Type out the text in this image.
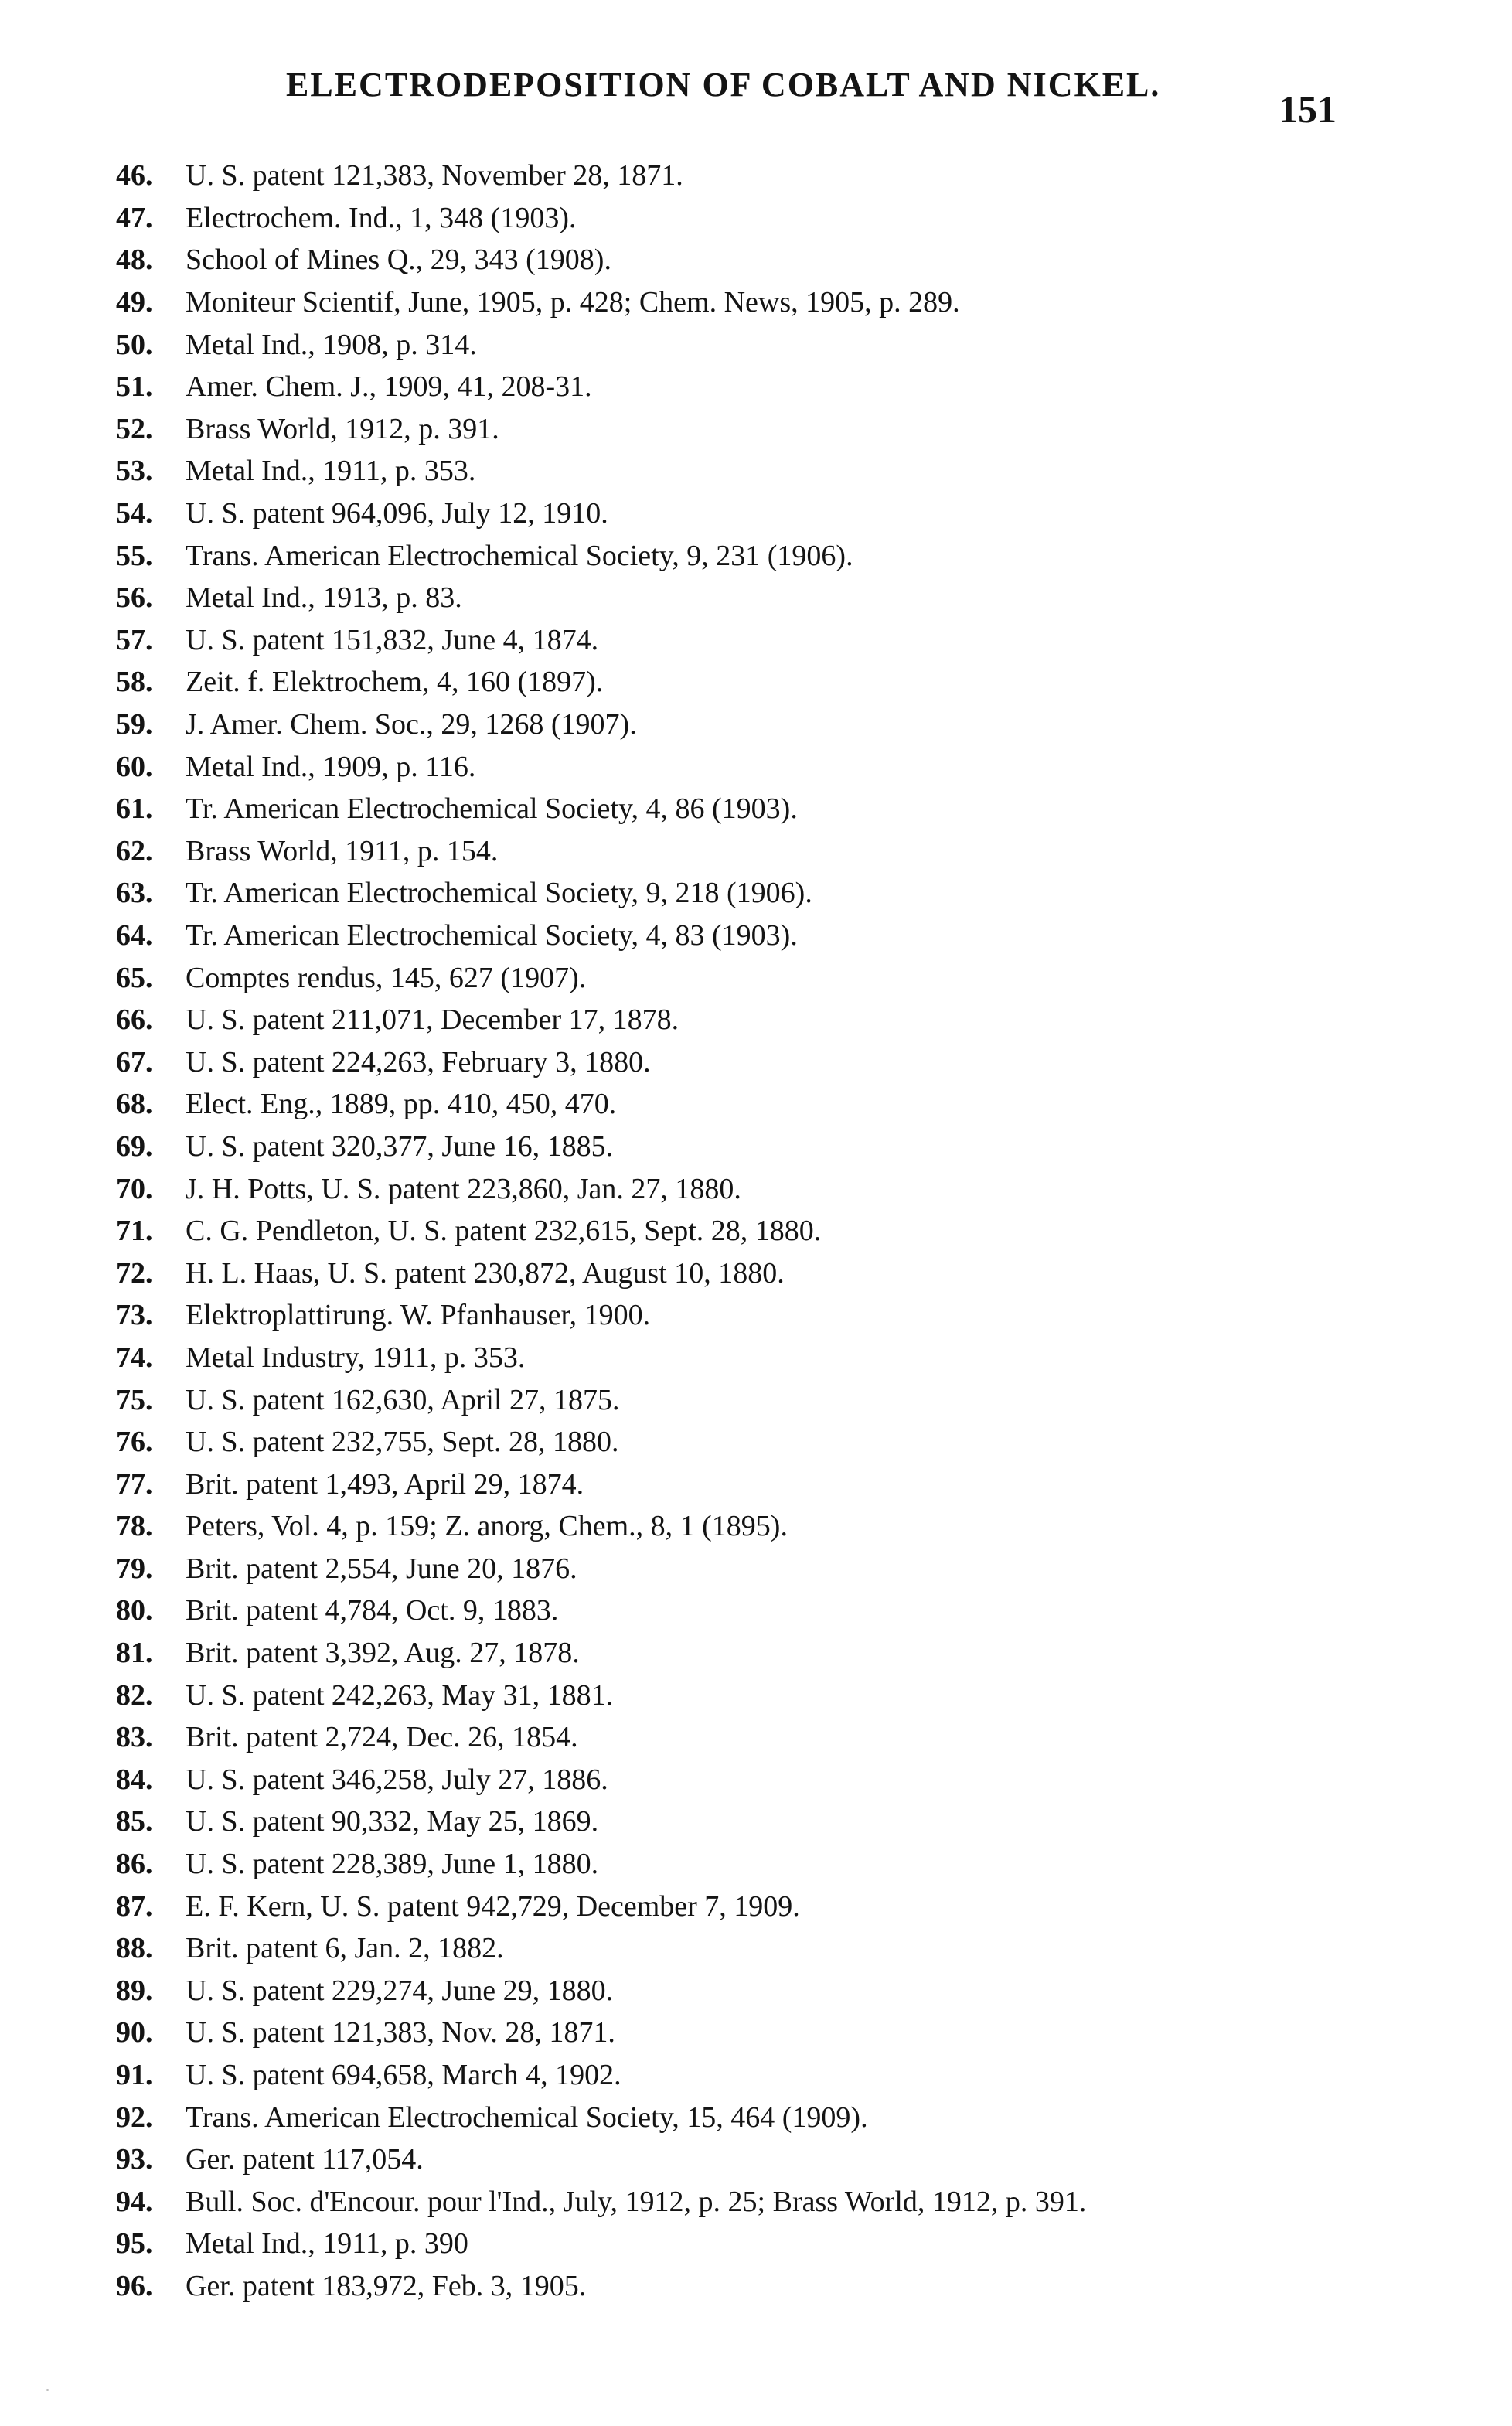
ELECTRODEPOSITION OF COBALT AND NICKEL.
151
46.	U. S. patent 121,383, November 28, 1871.
47.	Electrochem. Ind., 1, 348 (1903).
48.	School of Mines Q., 29, 343 (1908).
49.	Moniteur Scientif, June, 1905, p. 428; Chem. News, 1905, p. 289.
50.	Metal Ind., 1908, p. 314.
51.	Amer. Chem. J., 1909, 41, 208-31.
52.	Brass World, 1912, p. 391.
53.	Metal Ind., 1911, p. 353.
54.	U. S. patent 964,096, July 12, 1910.
55.	Trans. American Electrochemical Society, 9, 231 (1906).
56.	Metal Ind., 1913, p. 83.
57.	U. S. patent 151,832, June 4, 1874.
58.	Zeit. f. Elektrochem, 4, 160 (1897).
59.	J. Amer. Chem. Soc., 29, 1268 (1907).
60.	Metal Ind., 1909, p. 116.
61.	Tr. American Electrochemical Society, 4, 86 (1903).
62.	Brass World, 1911, p. 154.
63.	Tr. American Electrochemical Society, 9, 218 (1906).
64.	Tr. American Electrochemical Society, 4, 83 (1903).
65.	Comptes rendus, 145, 627 (1907).
66.	U. S. patent 211,071, December 17, 1878.
67.	U. S. patent 224,263, February 3, 1880.
68.	Elect. Eng., 1889, pp. 410, 450, 470.
69.	U. S. patent 320,377, June 16, 1885.
70.	J. H. Potts, U. S. patent 223,860, Jan. 27, 1880.
71.	C. G. Pendleton, U. S. patent 232,615, Sept. 28, 1880.
72.	H. L. Haas, U. S. patent 230,872, August 10, 1880.
73.	Elektroplattirung. W. Pfanhauser, 1900.
74.	Metal Industry, 1911, p. 353.
75.	U. S. patent 162,630, April 27, 1875.
76.	U. S. patent 232,755, Sept. 28, 1880.
77.	Brit. patent 1,493, April 29, 1874.
78.	Peters, Vol. 4, p. 159; Z. anorg, Chem., 8, 1 (1895).
79.	Brit. patent 2,554, June 20, 1876.
80.	Brit. patent 4,784, Oct. 9, 1883.
81.	Brit. patent 3,392, Aug. 27, 1878.
82.	U. S. patent 242,263, May 31, 1881.
83.	Brit. patent 2,724, Dec. 26, 1854.
84.	U. S. patent 346,258, July 27, 1886.
85.	U. S. patent 90,332, May 25, 1869.
86.	U. S. patent 228,389, June 1, 1880.
87.	E. F. Kern, U. S. patent 942,729, December 7, 1909.
88.	Brit. patent 6, Jan. 2, 1882.
89.	U. S. patent 229,274, June 29, 1880.
90.	U. S. patent 121,383, Nov. 28, 1871.
91.	U. S. patent 694,658, March 4, 1902.
92.	Trans. American Electrochemical Society, 15, 464 (1909).
93.	Ger. patent 117,054.
94.	Bull. Soc. d'Encour. pour l'Ind., July, 1912, p. 25; Brass World, 1912, p. 391.
95.	Metal Ind., 1911, p. 390
96.	Ger. patent 183,972, Feb. 3, 1905.
